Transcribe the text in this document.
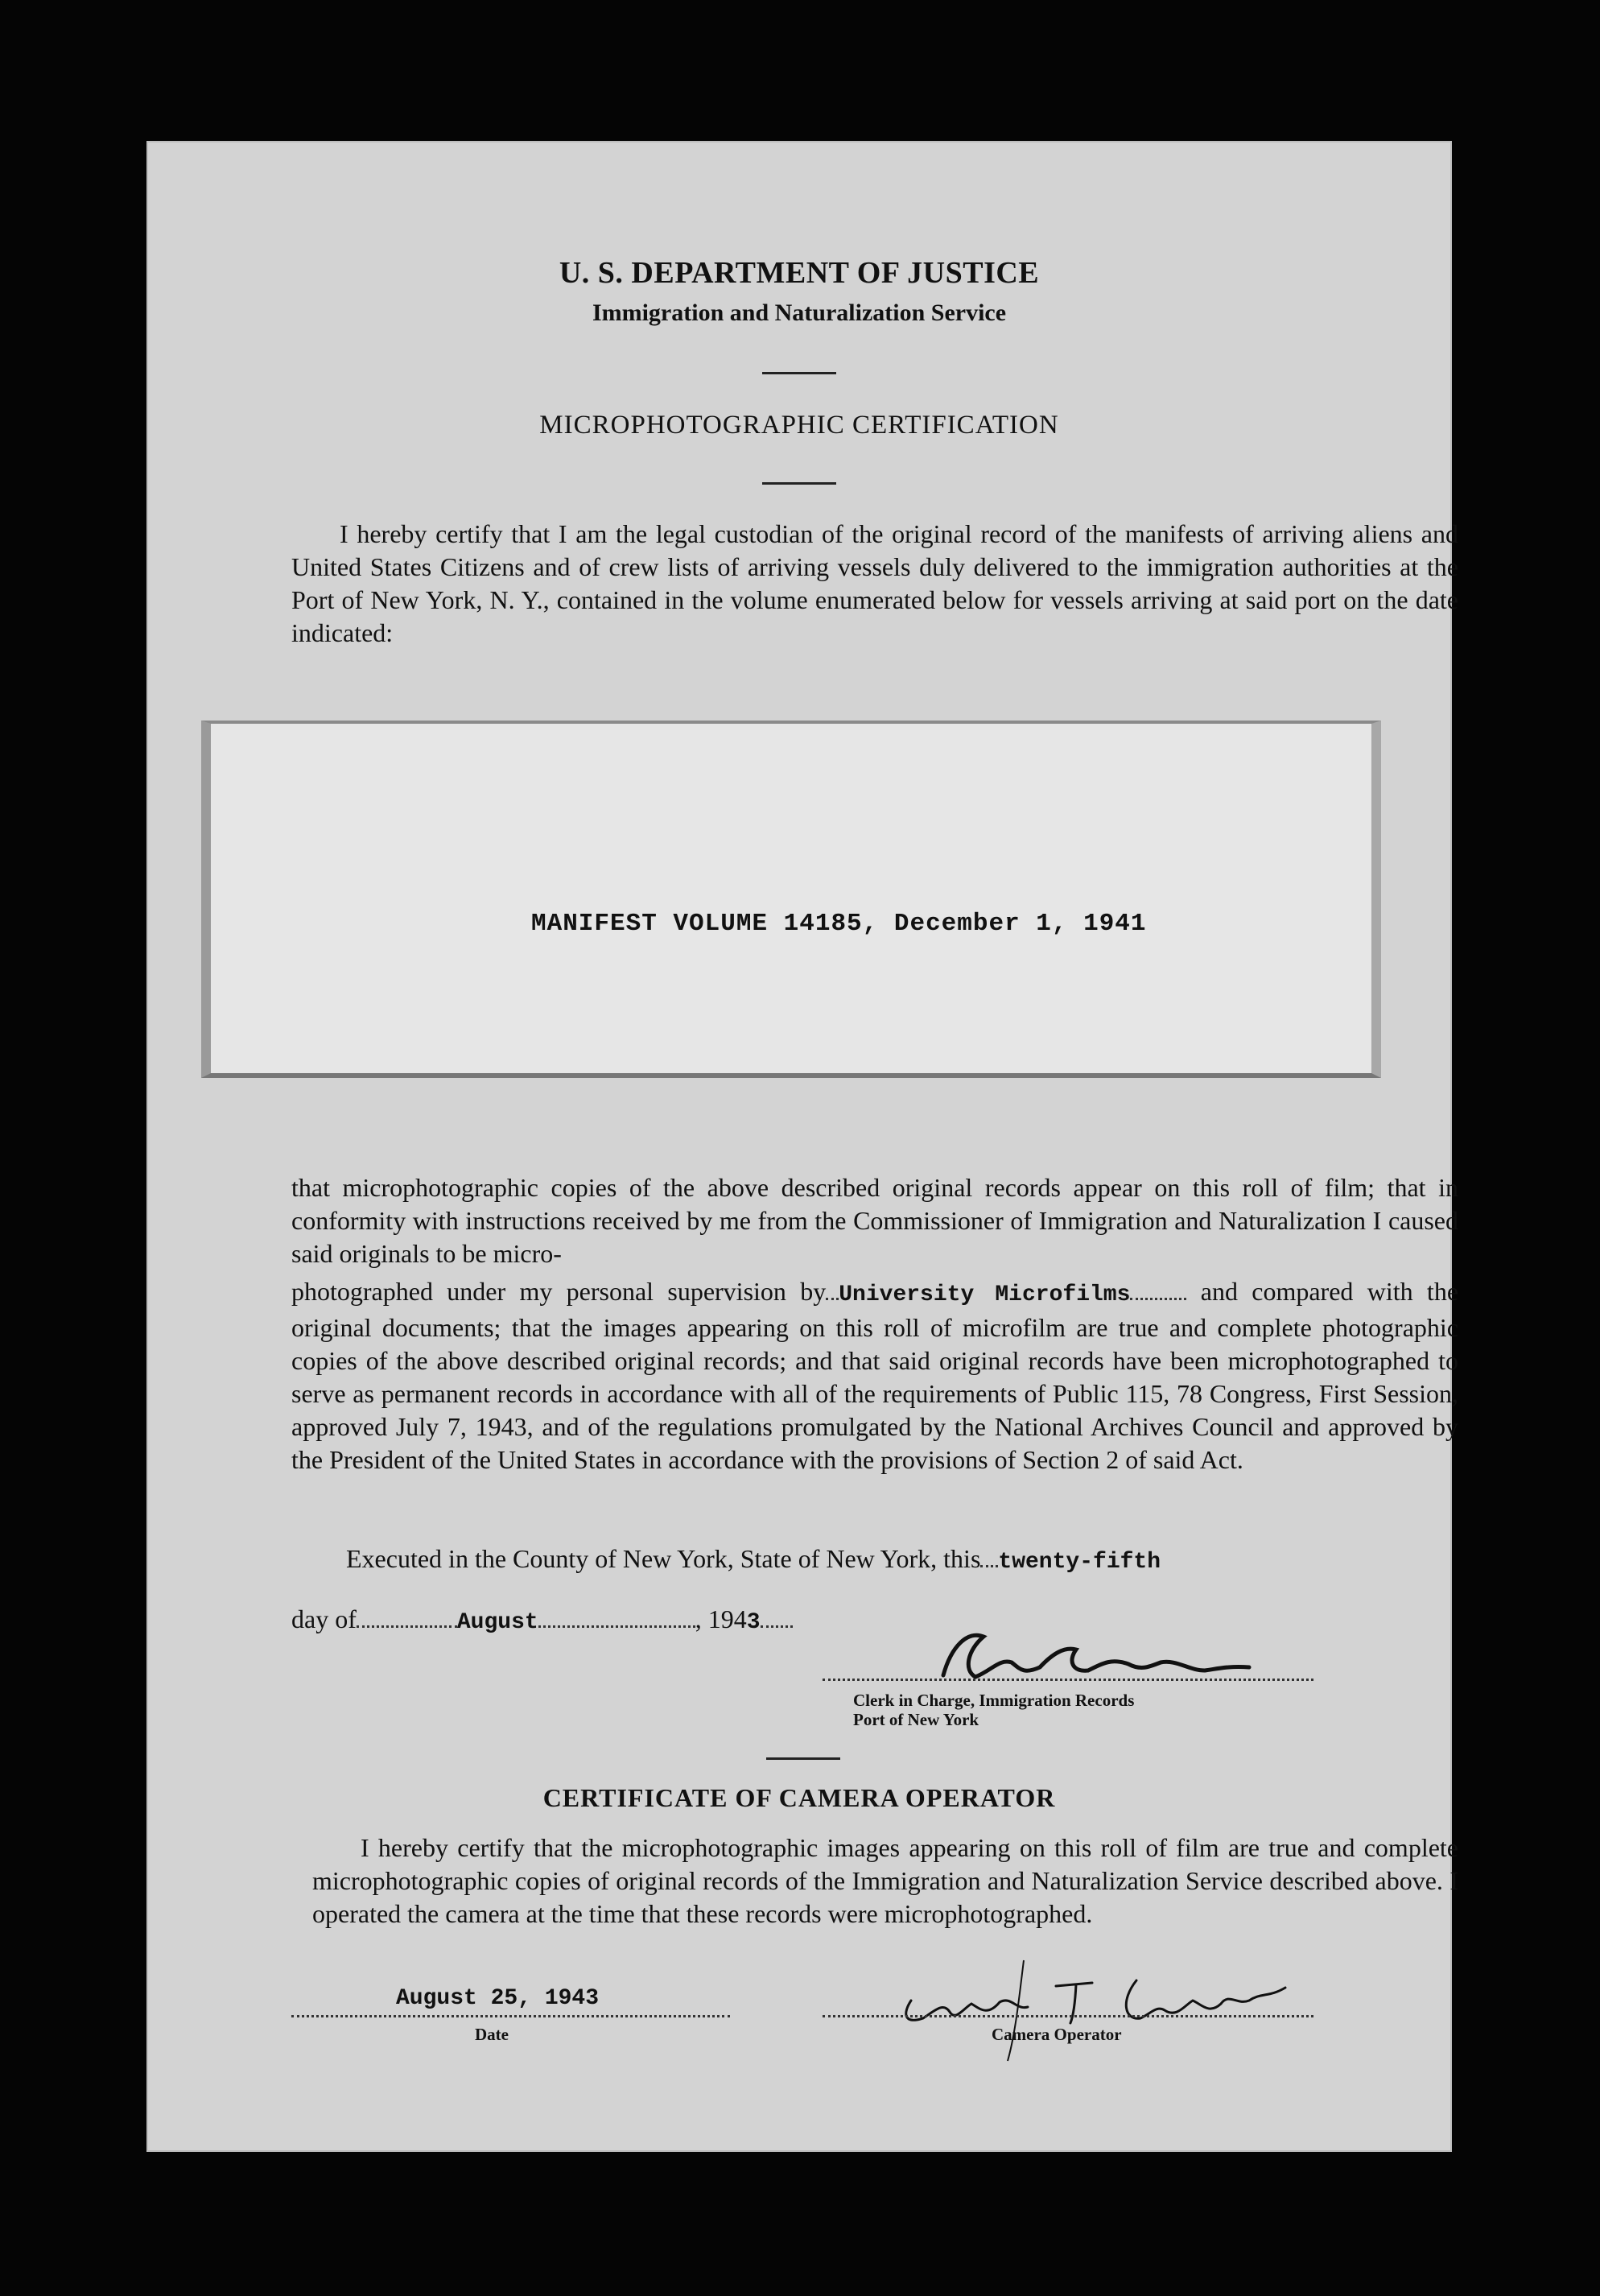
U. S. DEPARTMENT OF JUSTICE
Immigration and Naturalization Service
MICROPHOTOGRAPHIC CERTIFICATION
I hereby certify that I am the legal custodian of the original record of the manifests of arriving aliens and United States Citizens and of crew lists of arriving vessels duly delivered to the immigration authorities at the Port of New York, N. Y., contained in the volume enumerated below for vessels arriving at said port on the date indicated:
MANIFEST VOLUME 14185, December 1, 1941
that microphotographic copies of the above described original records appear on this roll of film; that in conformity with instructions received by me from the Commissioner of Immigration and Naturalization I caused said originals to be micro-
photographed under my personal supervision by University Microfilms	and compared with the original documents; that the images appearing on this roll of microfilm are true and complete photographic copies of the above described original records; and that said original records have been microphotographed to serve as permanent records in accordance with all of the requirements of Public 115, 78 Congress, First Session, approved July 7, 1943, and of the regulations promulgated by the National Archives Council and approved by the President of the United States in accordance with the provisions of Section 2 of said Act.
Executed in the County of New York, State of New York, this twenty-fifth
day of	August	, 1943
Clerk in Charge, Immigration Records
Port of New York
CERTIFICATE OF CAMERA OPERATOR
I hereby certify that the microphotographic images appearing on this roll of film are true and complete microphotographic copies of original records of the Immigration and Naturalization Service described above. I operated the camera at the time that these records were microphotographed.
August 25, 1943
Date	Camera Operator
